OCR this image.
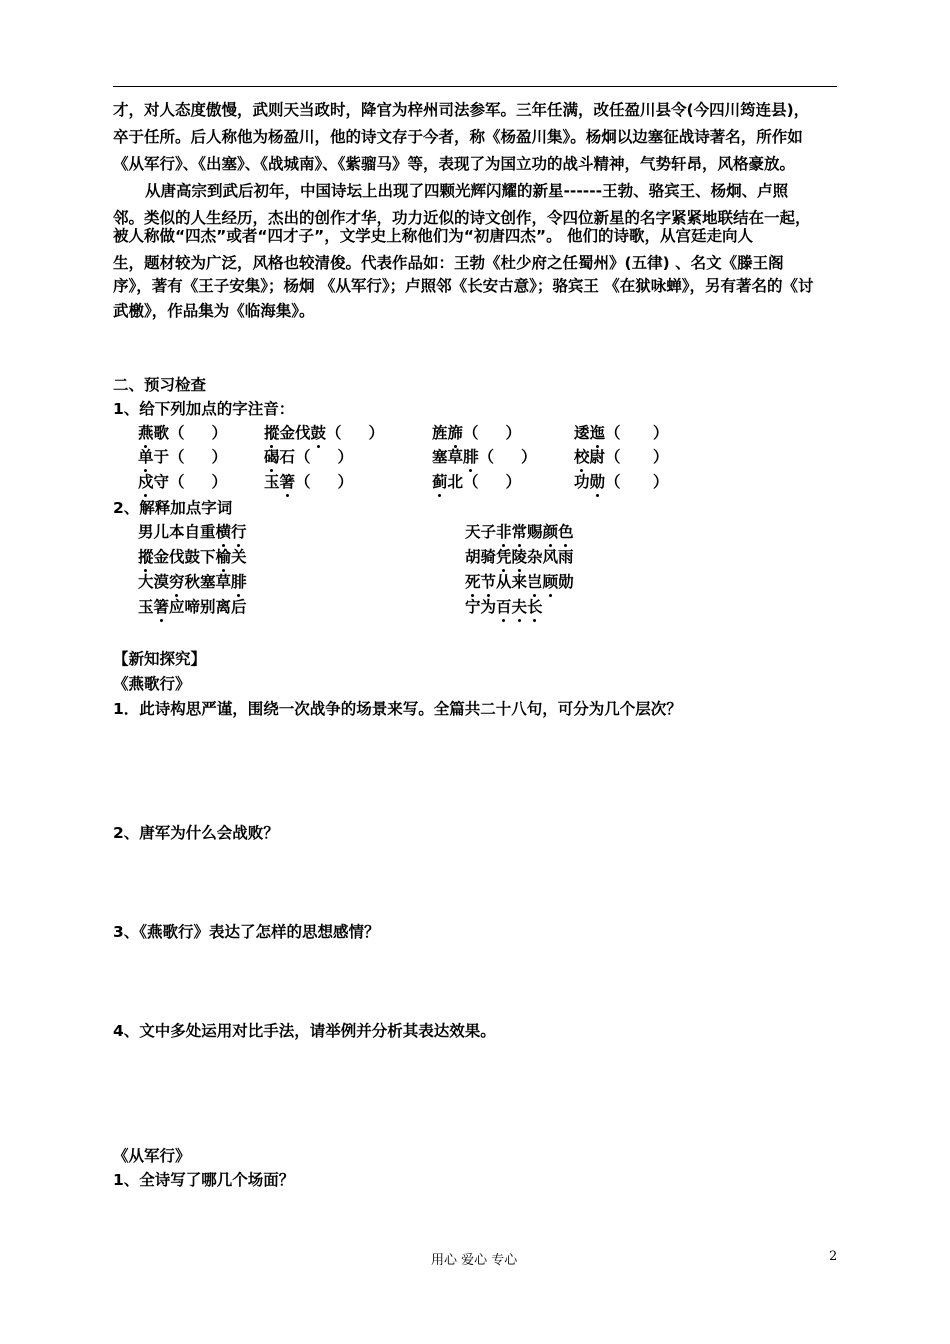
才，对人态度傲慢，武则天当政时，降官为梓州司法参军。三年任满，改任盈川县令(今四川筠连县)，
卒于任所。后人称他为杨盈川，他的诗文存于今者，称《杨盈川集》。杨炯以边塞征战诗著名，所作如
《从军行》、《出塞》、《战城南》、《紫骝马》等，表现了为国立功的战斗精神，气势轩昂，风格豪放。
从唐高宗到武后初年，中国诗坛上出现了四颗光辉闪耀的新星------王勃、骆宾王、杨炯、卢照
邻。类似的人生经历，杰出的创作才华，功力近似的诗文创作，令四位新星的名字紧紧地联结在一起，
被人称做“四杰”或者“四才子”，文学史上称他们为“初唐四杰”。 他们的诗歌，从宫廷走向人
生，题材较为广泛，风格也较清俊。代表作品如：王勃《杜少府之任蜀州》(五律) 、名文《滕王阁
序》，著有《王子安集》；杨炯 《从军行》；卢照邻《长安古意》；骆宾王 《在狱咏蝉》，另有著名的《讨
武檄》，作品集为《临海集》。
二、预习检查
1、给下列加点的字注音：
燕歌（     ） 摐金伐鼓（     ）	旌旆（     ）	逶迤（      ）
单于（     ） 碣石（     ）	塞草腓（     ） 校尉（      ）
戍守（     ） 玉箸（     ）	蓟北（     ）	功勋（      ）
2、解释加点字词
男儿本自重横行	天子非常赐颜色
摐金伐鼓下榆关	胡骑凭陵杂风雨
大漠穷秋塞草腓	死节从来岂顾勋
玉箸应啼别离后	宁为百夫长
【新知探究】
《燕歌行》
1．此诗构思严谨，围绕一次战争的场景来写。全篇共二十八句，可分为几个层次？
2、唐军为什么会战败？
3、《燕歌行》表达了怎样的思想感情？
4、文中多处运用对比手法，请举例并分析其表达效果。
《从军行》
1、全诗写了哪几个场面？
用心 爱心 专心	2
